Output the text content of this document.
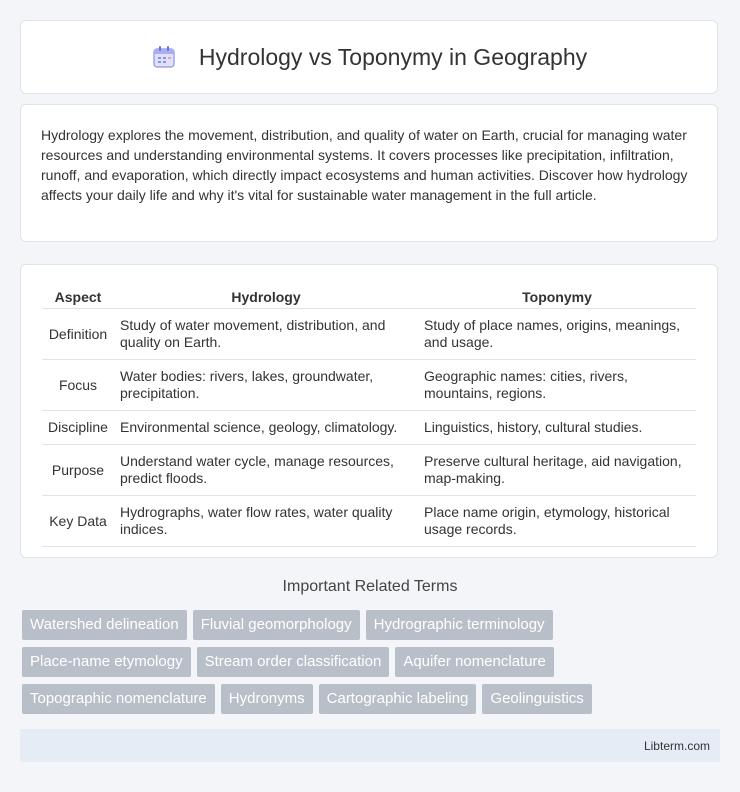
Hydrology vs Toponymy in Geography

Hydrology explores the movement, distribution, and quality of water on Earth, crucial for managing water resources and understanding environmental systems. It covers processes like precipitation, infiltration, runoff, and evaporation, which directly impact ecosystems and human activities. Discover how hydrology affects your daily life and why it's vital for sustainable water management in the full article.

Aspect	Hydrology	Toponymy
Definition	Study of water movement, distribution, and quality on Earth.	Study of place names, origins, meanings, and usage.
Focus	Water bodies: rivers, lakes, groundwater, precipitation.	Geographic names: cities, rivers, mountains, regions.
Discipline	Environmental science, geology, climatology.	Linguistics, history, cultural studies.
Purpose	Understand water cycle, manage resources, predict floods.	Preserve cultural heritage, aid navigation, map-making.
Key Data	Hydrographs, water flow rates, water quality indices.	Place name origin, etymology, historical usage records.
Important Related Terms
Watershed delineation	Fluvial geomorphology	Hydrographic terminology
Place-name etymology	Stream order classification	Aquifer nomenclature
Topographic nomenclature	Hydronyms	Cartographic labeling	Geolinguistics
Libterm.com
